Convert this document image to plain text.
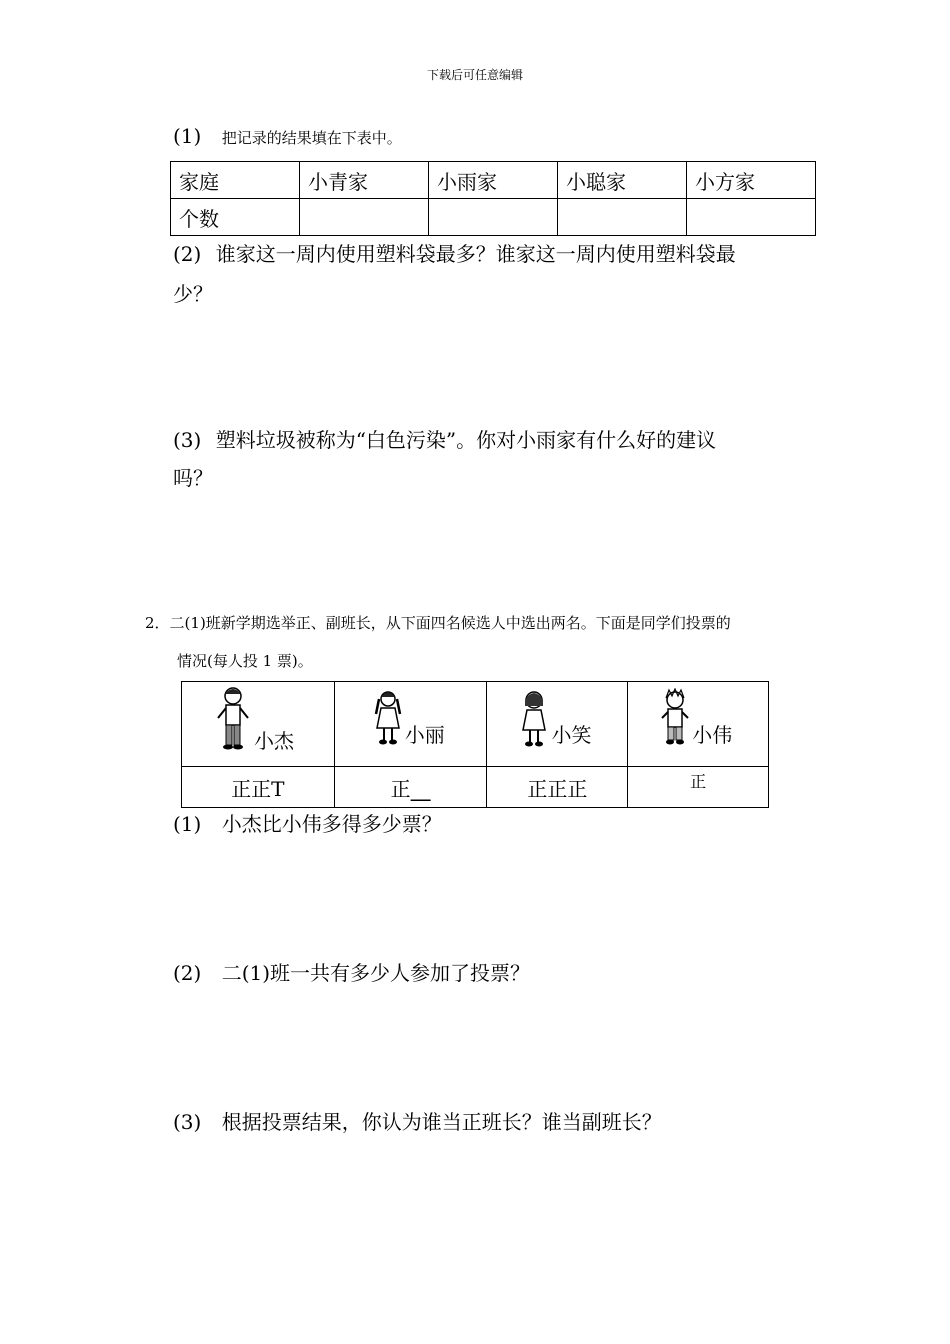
下载后可任意编辑
(1) 把记录的结果填在下表中。
家庭	小青家	小雨家	小聪家	小方家
个数				
(2) 谁家这一周内使用塑料袋最多？谁家这一周内使用塑料袋最
少？
(3) 塑料垃圾被称为“白色污染”。你对小雨家有什么好的建议
吗？
2．二(1)班新学期选举正、副班长，从下面四名候选人中选出两名。下面是同学们投票的
情况(每人投 1 票)。
小杰	小丽	小笑	小伟

正正T	正⎽	正正正	正
(1) 小杰比小伟多得多少票？
(2) 二(1)班一共有多少人参加了投票？
(3) 根据投票结果，你认为谁当正班长？谁当副班长？
